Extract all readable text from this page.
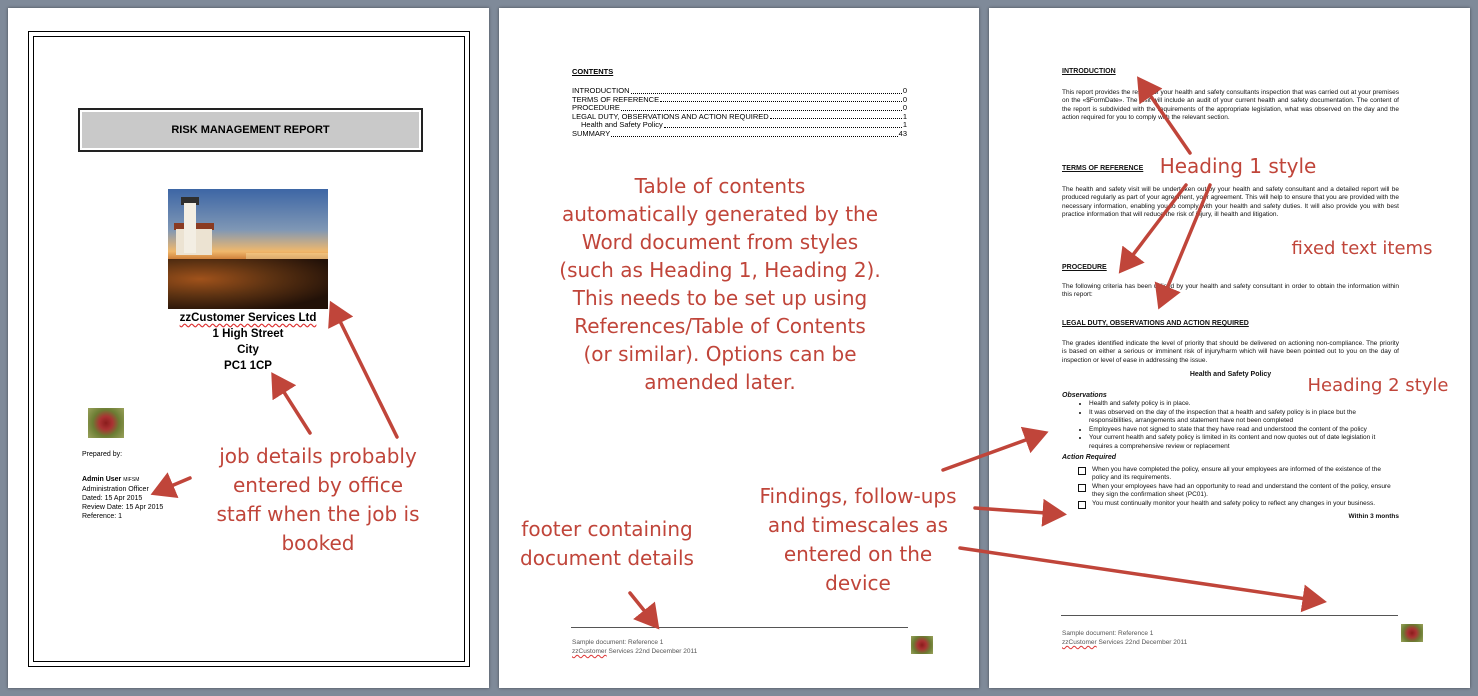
RISK MANAGEMENT REPORT
zzCustomer Services Ltd
1 High Street
City
PC1 1CP
Prepared by:
Admin User MIFSM
Administration Officer
Dated: 15 Apr 2015
Review Date: 15 Apr 2015
Reference: 1
CONTENTS
INTRODUCTION	0
TERMS OF REFERENCE	0
PROCEDURE	0
LEGAL DUTY, OBSERVATIONS AND ACTION REQUIRED	1
Health and Safety Policy	1
SUMMARY	43
Sample document: Reference 1
zzCustomer Services 22nd December 2011
INTRODUCTION
This report provides the results of your health and safety consultants inspection that was carried out at your premises on the «$FormDate». The visit will include an audit of your current health and safety documentation. The content of the report is subdivided with the requirements of the appropriate legislation, what was observed on the day and the action required for you to comply with the relevant section.
TERMS OF REFERENCE
The health and safety visit will be undertaken out by your health and safety consultant and a detailed report will be produced regularly as part of your agreement, your agreement. This will help to ensure that you are provided with the necessary information, enabling you to comply with your health and safety duties. It will also provide you with best practice information that will reduce the risk of injury, ill health and litigation.
PROCEDURE
The following criteria has been utilised by your health and safety consultant in order to obtain the information within this report:
LEGAL DUTY, OBSERVATIONS AND ACTION REQUIRED
The grades identified indicate the level of priority that should be delivered on actioning non-compliance. The priority is based on either a serious or imminent risk of injury/harm which will have been pointed out to you on the day of inspection or level of ease in addressing the issue.
Health and Safety Policy
Observations
• Health and safety policy is in place.
• It was observed on the day of the inspection that a health and safety policy is in place but the responsibilities, arrangements and statement have not been completed
• Employees have not signed to state that they have read and understood the content of the policy
• Your current health and safety policy is limited in its content and now quotes out of date legislation it requires a comprehensive review or replacement
Action Required
When you have completed the policy, ensure all your employees are informed of the existence of the policy and its requirements.
When your employees have had an opportunity to read and understand the content of the policy, ensure they sign the confirmation sheet (PC01).
You must continually monitor your health and safety policy to reflect any changes in your business.
Within 3 months
Sample document: Reference 1
zzCustomer Services 22nd December 2011
Table of contents
automatically generated by the
Word document from styles
(such as Heading 1, Heading 2).
This needs to be set up using
References/Table of Contents
(or similar). Options can be
amended later.
job details probably
entered by office
staff when the job is
booked
footer containing
document details
Heading 1 style
fixed text items
Heading 2 style
Findings, follow-ups
and timescales as
entered on the
device
